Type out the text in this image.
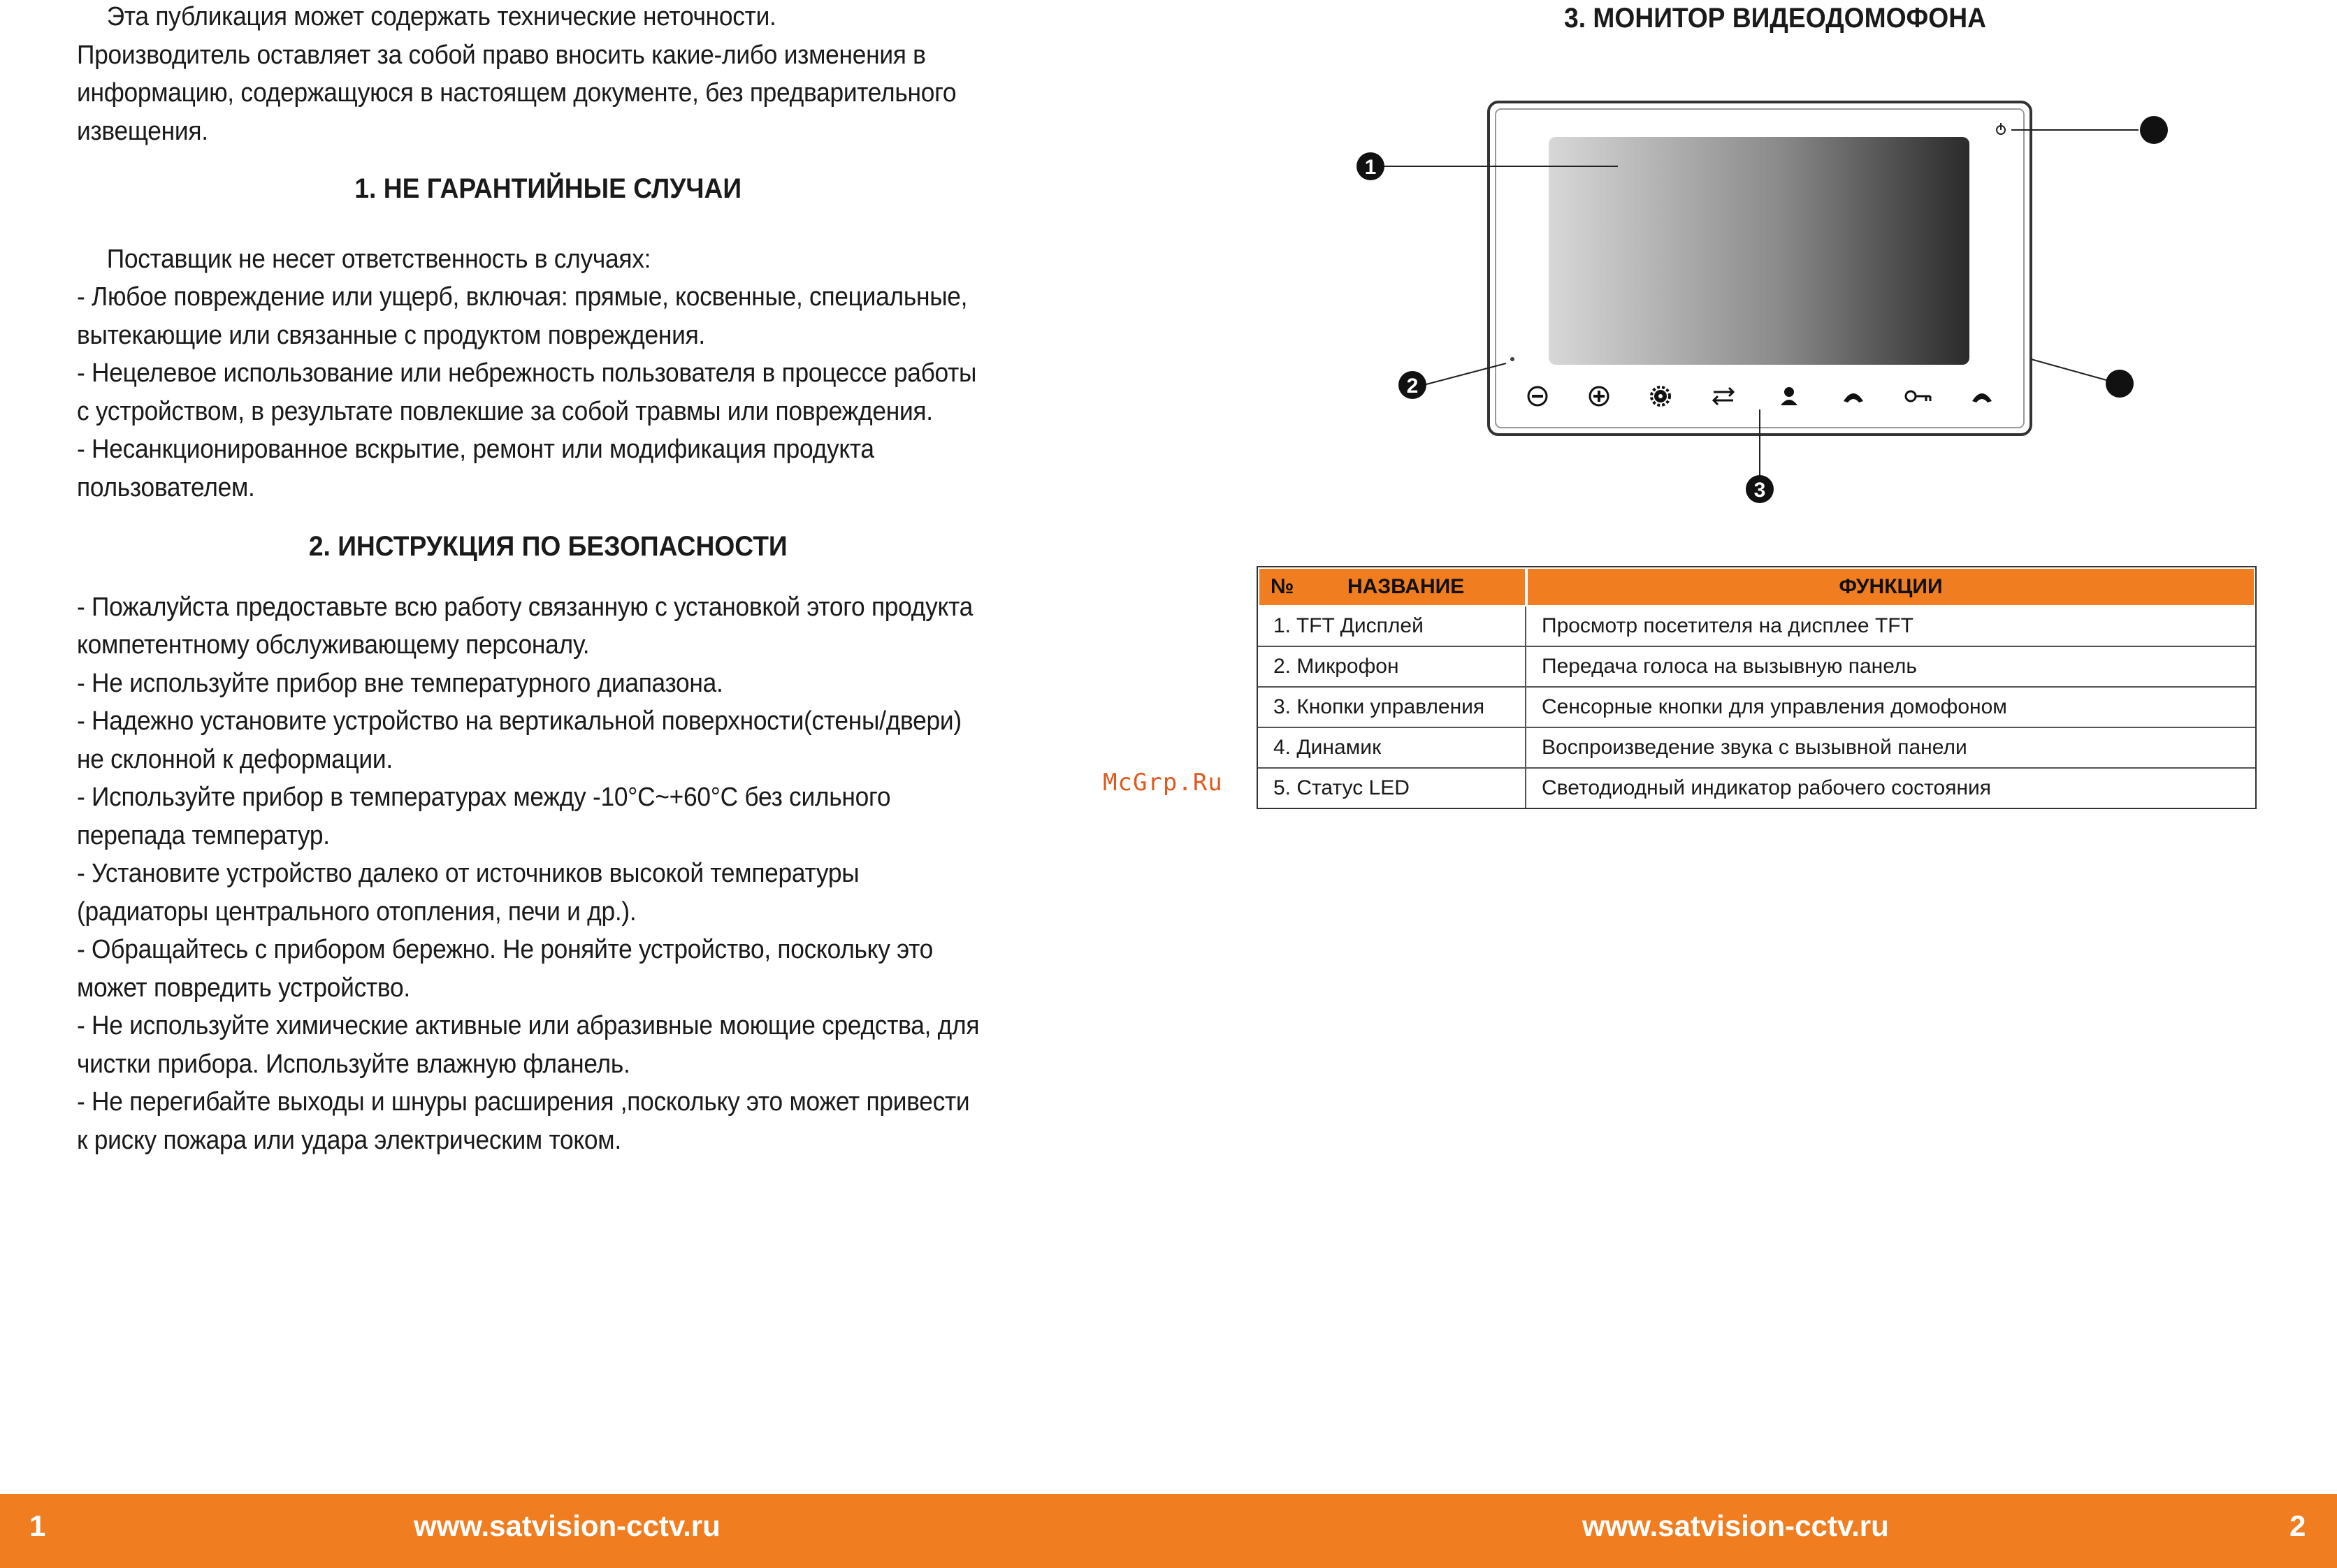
Эта публикация может содержать технические неточности.

Производитель оставляет за собой право вносить какие-либо изменения в

информацию, содержащуюся в настоящем документе, без предварительного

извещения.

1. НЕ ГАРАНТИЙНЫЕ СЛУЧАИ

Поставщик не несет ответственность в случаях:

- Любое повреждение или ущерб, включая: прямые, косвенные, специальные,

вытекающие или связанные с продуктом повреждения.

- Нецелевое использование или небрежность пользователя в процессе работы

с устройством, в результате повлекшие за собой травмы или повреждения.

- Несанкционированное вскрытие, ремонт или модификация продукта

пользователем.

2. ИНСТРУКЦИЯ ПО БЕЗОПАСНОСТИ

- Пожалуйста предоставьте всю работу связанную с установкой этого продукта

компетентному обслуживающему персоналу.

- Не используйте прибор вне температурного диапазона.

- Надежно установите устройство на вертикальной поверхности(стены/двери)

не склонной к деформации.

- Используйте прибор в температурах между -10°C~+60°C без сильного

перепада температур.

- Установите устройство далеко от источников высокой температуры

(радиаторы центрального отопления, печи и др.).

- Обращайтесь с прибором бережно. Не роняйте устройство, поскольку это

может повредить устройство.

- Не используйте химические активные или абразивные моющие средства, для

чистки прибора. Используйте влажную фланель.

- Не перегибайте выходы и шнуры расширения ,поскольку это может привести

к риску пожара или удара электрическим током.

McGrp.Ru
3. МОНИТОР ВИДЕОДОМОФОНА
1
2
3
№ НАЗВАНИЕ	ФУНКЦИИ
1. TFT Дисплей	Просмотр посетителя на дисплее TFT
2. Микрофон	Передача голоса на вызывную панель
3. Кнопки управления	Сенсорные кнопки для управления домофоном
4. Динамик	Воспроизведение звука с вызывной панели
5. Статус LED	Светодиодный индикатор рабочего состояния
1	www.satvision-cctv.ru	www.satvision-cctv.ru	2
